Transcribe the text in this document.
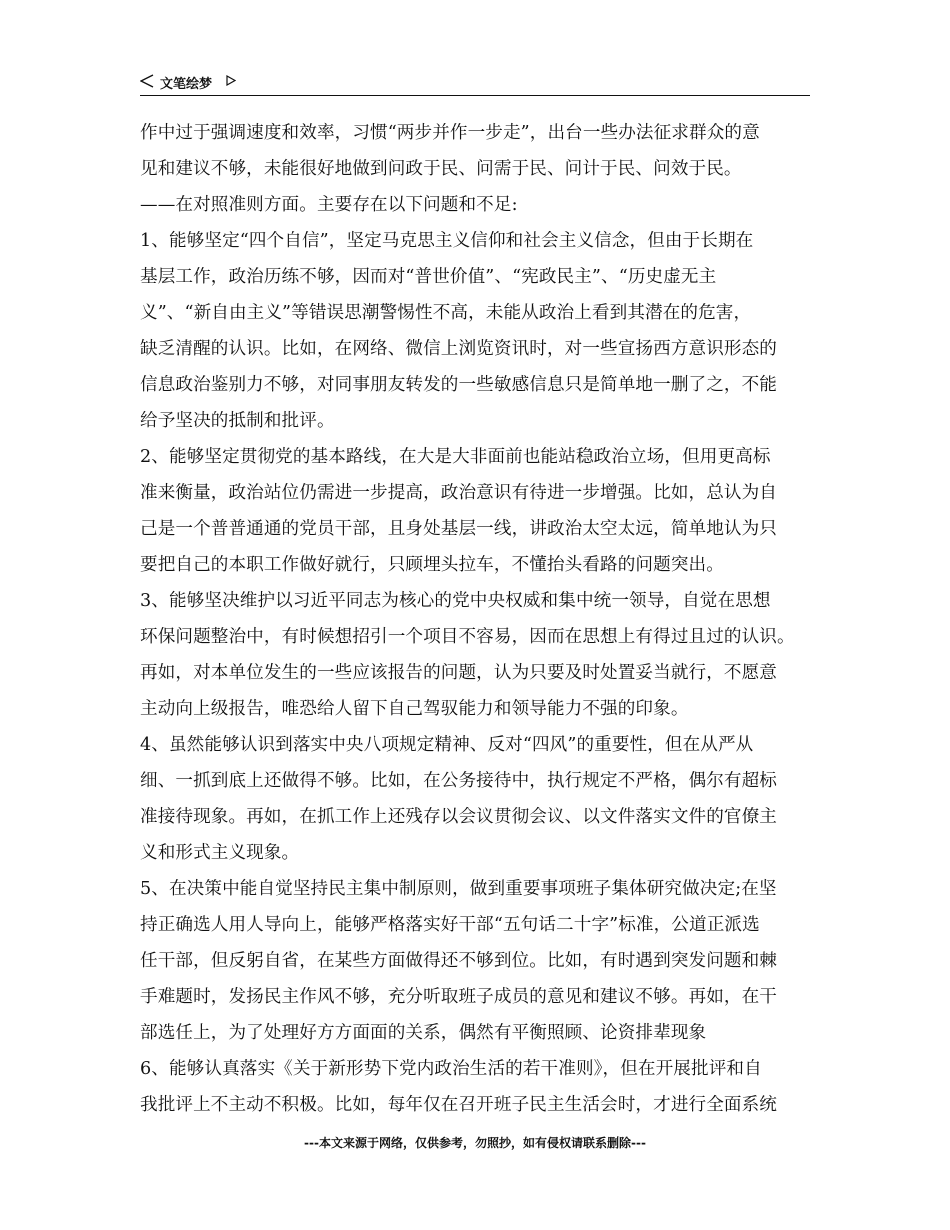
文笔绘梦
作中过于强调速度和效率，习惯“两步并作一步走”，出台一些办法征求群众的意
见和建议不够，未能很好地做到问政于民、问需于民、问计于民、问效于民。
——在对照准则方面。主要存在以下问题和不足:
1、能够坚定“四个自信”，坚定马克思主义信仰和社会主义信念，但由于长期在
基层工作，政治历练不够，因而对“普世价值”、“宪政民主”、“历史虚无主
义”、“新自由主义”等错误思潮警惕性不高，未能从政治上看到其潜在的危害，
缺乏清醒的认识。比如，在网络、微信上浏览资讯时，对一些宣扬西方意识形态的
信息政治鉴别力不够，对同事朋友转发的一些敏感信息只是简单地一删了之，不能
给予坚决的抵制和批评。
2、能够坚定贯彻党的基本路线，在大是大非面前也能站稳政治立场，但用更高标
准来衡量，政治站位仍需进一步提高，政治意识有待进一步增强。比如，总认为自
己是一个普普通通的党员干部，且身处基层一线，讲政治太空太远，简单地认为只
要把自己的本职工作做好就行，只顾埋头拉车，不懂抬头看路的问题突出。
3、能够坚决维护以习近平同志为核心的党中央权威和集中统一领导，自觉在思想
环保问题整治中，有时候想招引一个项目不容易，因而在思想上有得过且过的认识。
再如，对本单位发生的一些应该报告的问题，认为只要及时处置妥当就行，不愿意
主动向上级报告，唯恐给人留下自己驾驭能力和领导能力不强的印象。
4、虽然能够认识到落实中央八项规定精神、反对“四风”的重要性，但在从严从
细、一抓到底上还做得不够。比如，在公务接待中，执行规定不严格，偶尔有超标
准接待现象。再如，在抓工作上还残存以会议贯彻会议、以文件落实文件的官僚主
义和形式主义现象。
5、在决策中能自觉坚持民主集中制原则，做到重要事项班子集体研究做决定;在坚
持正确选人用人导向上，能够严格落实好干部“五句话二十字”标准，公道正派选
任干部，但反躬自省，在某些方面做得还不够到位。比如，有时遇到突发问题和棘
手难题时，发扬民主作风不够，充分听取班子成员的意见和建议不够。再如，在干
部选任上，为了处理好方方面面的关系，偶然有平衡照顾、论资排辈现象
6、能够认真落实《关于新形势下党内政治生活的若干准则》，但在开展批评和自
我批评上不主动不积极。比如，每年仅在召开班子民主生活会时，才进行全面系统
---本文来源于网络，仅供参考，勿照抄，如有侵权请联系删除---
